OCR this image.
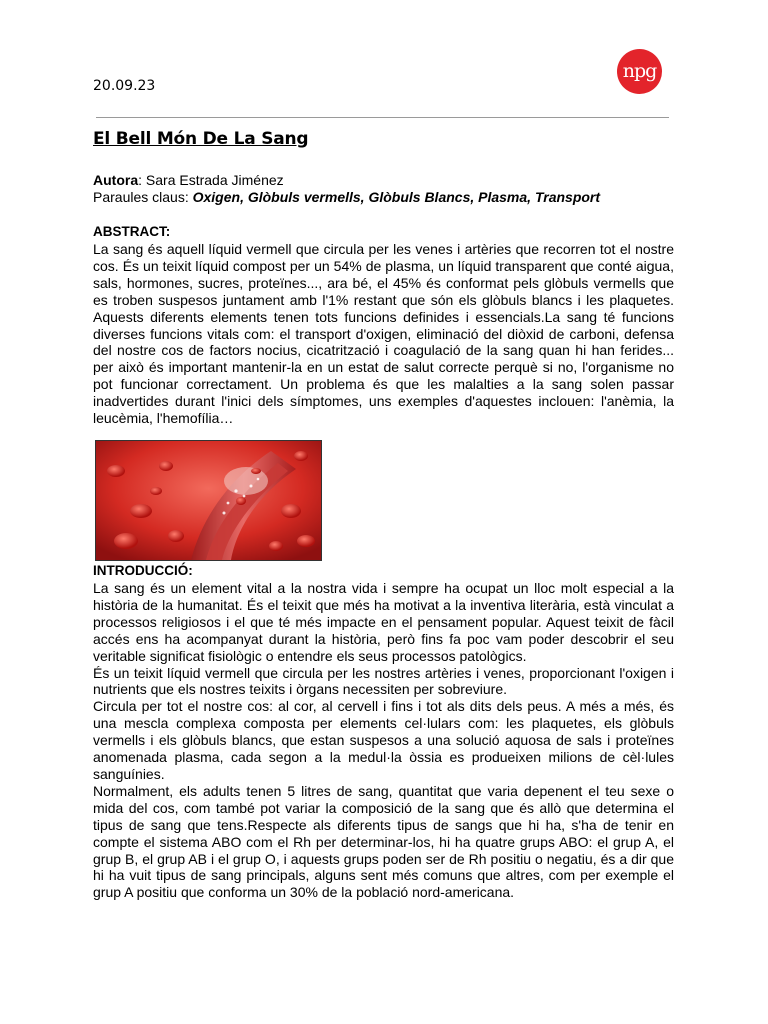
20.09.23
npg
El Bell Món De La Sang
Autora: Sara Estrada Jiménez
Paraules claus: Oxigen, Glòbuls vermells, Glòbuls Blancs, Plasma, Transport
ABSTRACT:

La sang és aquell líquid vermell que circula per les venes i artèries que recorren tot el nostre cos. És un teixit líquid compost per un 54% de plasma, un líquid transparent que conté aigua, sals, hormones, sucres, proteïnes..., ara bé, el 45% és conformat pels glòbuls vermells que es troben suspesos juntament amb l'1% restant que són els glòbuls blancs i les plaquetes. Aquests diferents elements tenen tots funcions definides i essencials.La sang té funcions diverses funcions vitals com: el transport d'oxigen, eliminació del diòxid de carboni, defensa del nostre cos de factors nocius, cicatrització i coagulació de la sang quan hi han ferides... per això és important mantenir-la en un estat de salut correcte perquè si no, l'organisme no pot funcionar correctament. Un problema és que les malalties a la sang solen passar inadvertides durant l'inici dels símptomes, uns exemples d'aquestes inclouen: l'anèmia, la leucèmia, l'hemofília…

INTRODUCCIÓ:

La sang és un element vital a la nostra vida i sempre ha ocupat un lloc molt especial a la història de la humanitat. És el teixit que més ha motivat a la inventiva literària, està vinculat a processos religiosos i el que té més impacte en el pensament popular. Aquest teixit de fàcil accés ens ha acompanyat durant la història, però fins fa poc vam poder descobrir el seu veritable significat fisiològic o entendre els seus processos patològics.

És un teixit líquid vermell que circula per les nostres artèries i venes, proporcionant l'oxigen i nutrients que els nostres teixits i òrgans necessiten per sobreviure.

Circula per tot el nostre cos: al cor, al cervell i fins i tot als dits dels peus. A més a més, és una mescla complexa composta per elements cel·lulars com: les plaquetes, els glòbuls vermells i els glòbuls blancs, que estan suspesos a una solució aquosa de sals i proteïnes anomenada plasma, cada segon a la medul·la òssia es produeixen milions de cèl·lules sanguínies.

Normalment, els adults tenen 5 litres de sang, quantitat que varia depenent el teu sexe o mida del cos, com també pot variar la composició de la sang que és allò que determina el tipus de sang que tens.Respecte als diferents tipus de sangs que hi ha, s'ha de tenir en compte el sistema ABO com el Rh per determinar-los, hi ha quatre grups ABO: el grup A, el grup B, el grup AB i el grup O, i aquests grups poden ser de Rh positiu o negatiu, és a dir que hi ha vuit tipus de sang principals, alguns sent més comuns que altres, com per exemple el grup A positiu que conforma un 30% de la població nord-americana.
